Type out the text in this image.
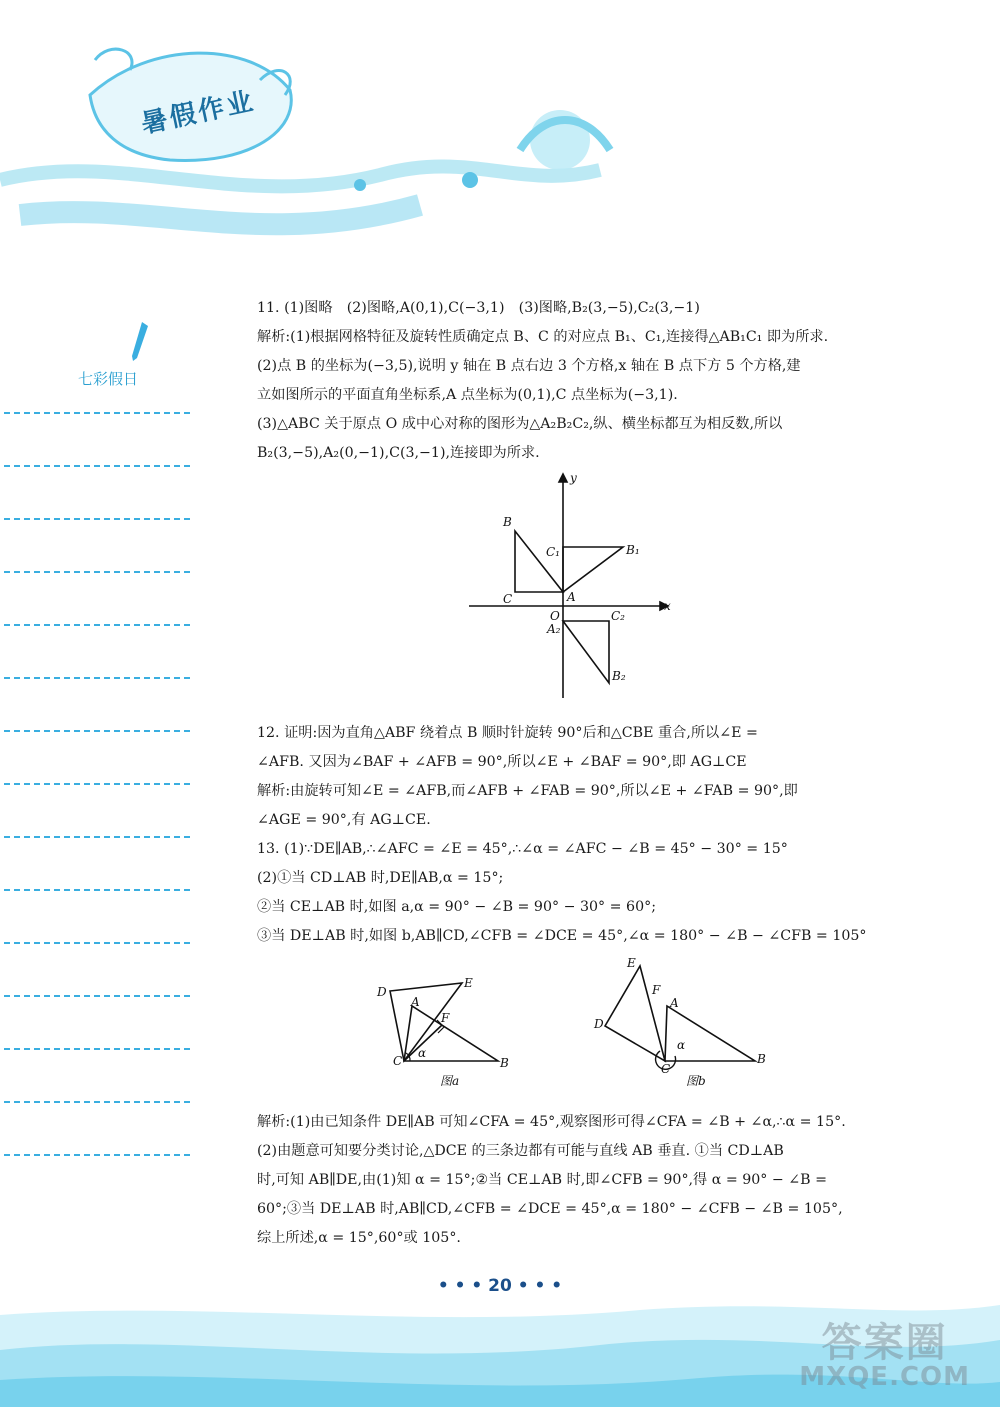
暑假作业
七彩假日

11. (1)图略　(2)图略,A(0,1),C(−3,1)　(3)图略,B₂(3,−5),C₂(3,−1)

解析:(1)根据网格特征及旋转性质确定点 B、C 的对应点 B₁、C₁,连接得△AB₁C₁ 即为所求.

(2)点 B 的坐标为(−3,5),说明 y 轴在 B 点右边 3 个方格,x 轴在 B 点下方 5 个方格,建

立如图所示的平面直角坐标系,A 点坐标为(0,1),C 点坐标为(−3,1).

(3)△ABC 关于原点 O 成中心对称的图形为△A₂B₂C₂,纵、横坐标都互为相反数,所以

B₂(3,−5),A₂(0,−1),C(3,−1),连接即为所求.

y
x
B
C₁	B₁
C	A
O	C₂
A₂
B₂

12. 证明:因为直角△ABF 绕着点 B 顺时针旋转 90°后和△CBE 重合,所以∠E =

∠AFB. 又因为∠BAF + ∠AFB = 90°,所以∠E + ∠BAF = 90°,即 AG⊥CE

解析:由旋转可知∠E = ∠AFB,而∠AFB + ∠FAB = 90°,所以∠E + ∠FAB = 90°,即

∠AGE = 90°,有 AG⊥CE.

13. (1)∵DE∥AB,∴∠AFC = ∠E = 45°,∴∠α = ∠AFC − ∠B = 45° − 30° = 15°

(2)①当 CD⊥AB 时,DE∥AB,α = 15°;

②当 CE⊥AB 时,如图 a,α = 90° − ∠B = 90° − 30° = 60°;

③当 DE⊥AB 时,如图 b,AB∥CD,∠CFB = ∠DCE = 45°,∠α = 180° − ∠B − ∠CFB = 105°

D
A
E
F
C
α
B
图a
E
F
A
D
α
C
B
图b

解析:(1)由已知条件 DE∥AB 可知∠CFA = 45°,观察图形可得∠CFA = ∠B + ∠α,∴α = 15°.

(2)由题意可知要分类讨论,△DCE 的三条边都有可能与直线 AB 垂直. ①当 CD⊥AB

时,可知 AB∥DE,由(1)知 α = 15°;②当 CE⊥AB 时,即∠CFB = 90°,得 α = 90° − ∠B =

60°;③当 DE⊥AB 时,AB∥CD,∠CFB = ∠DCE = 45°,α = 180° − ∠CFB − ∠B = 105°,

综上所述,α = 15°,60°或 105°.

• • • 20 • • •
答案圈
MXQE.COM
